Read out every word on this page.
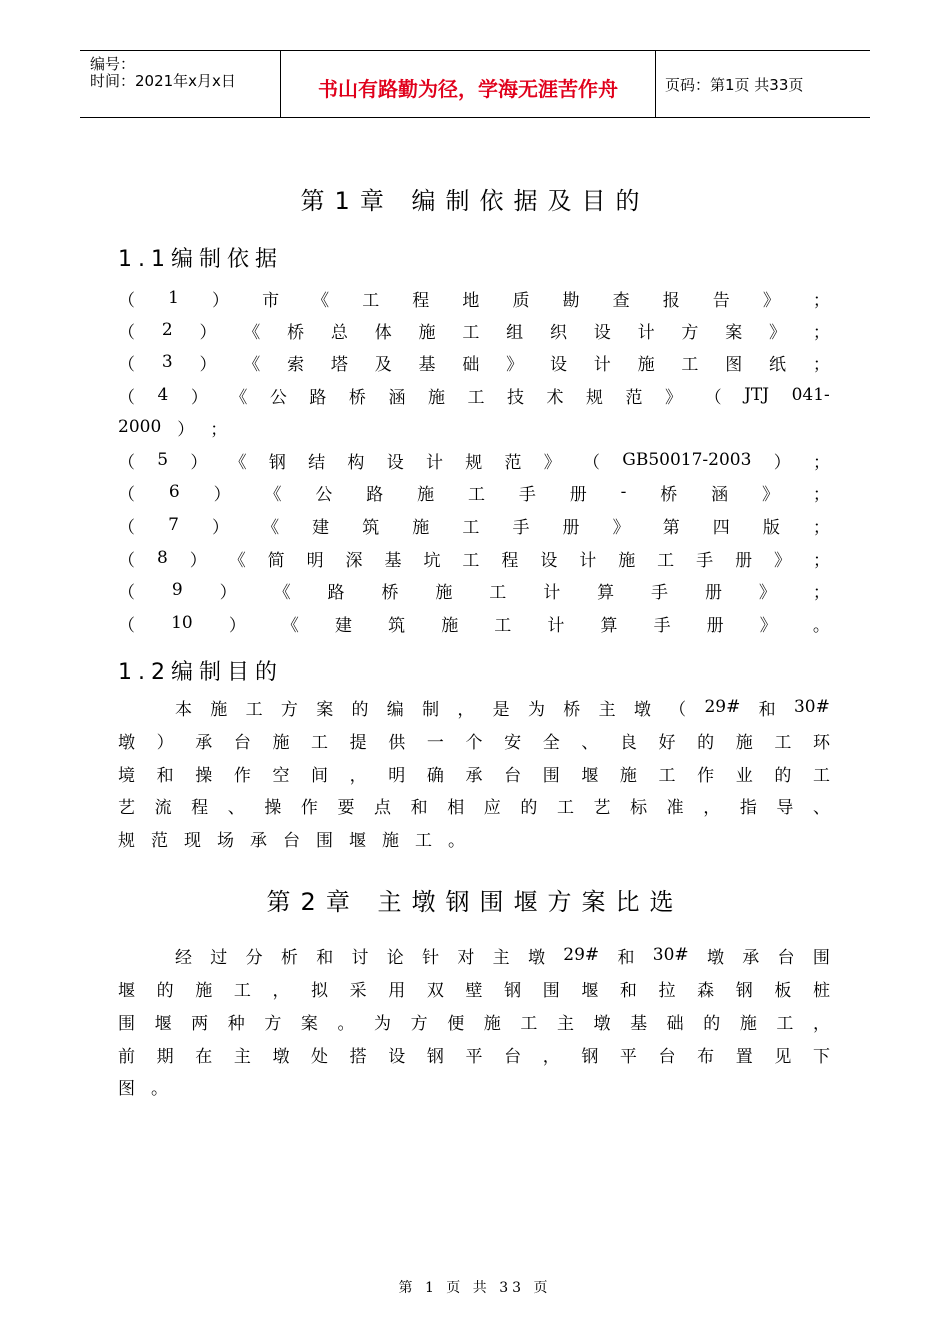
编号：
时间：2021年x月x日	书山有路勤为径，学海无涯苦作舟	页码：第1页 共33页
第1章 编制依据及目的
1.1编制依据
（ 1 ） 市 《 工 程 地 质 勘 查 报 告 》 ；
（ 2 ） 《 桥 总 体 施 工 组 织 设 计 方 案 》 ；
（ 3 ） 《 索 塔 及 基 础 》 设 计 施 工 图 纸 ；
（ 4 ） 《 公 路 桥 涵 施 工 技 术 规 范 》 （ JTJ 041-
2000 ） ；
（ 5 ） 《 钢 结 构 设 计 规 范 》 （ GB50017-2003 ） ；
（ 6 ） 《 公 路 施 工 手 册 - 桥 涵 》 ；
（ 7 ） 《 建 筑 施 工 手 册 》 第 四 版 ；
（ 8 ） 《 简 明 深 基 坑 工 程 设 计 施 工 手 册 》 ；
（ 9 ） 《 路 桥 施 工 计 算 手 册 》 ；
（ 10 ） 《 建 筑 施 工 计 算 手 册 》 。
1.2编制目的
本 施 工 方 案 的 编 制 ， 是 为 桥 主 墩 （ 29# 和 30#
墩 ） 承 台 施 工 提 供 一 个 安 全 、 良 好 的 施 工 环
境 和 操 作 空 间 ， 明 确 承 台 围 堰 施 工 作 业 的 工
艺 流 程 、 操 作 要 点 和 相 应 的 工 艺 标 准 ， 指 导 、
规 范 现 场 承 台 围 堰 施 工 。
第2章 主墩钢围堰方案比选
经 过 分 析 和 讨 论 针 对 主 墩 29# 和 30# 墩 承 台 围
堰 的 施 工 ， 拟 采 用 双 壁 钢 围 堰 和 拉 森 钢 板 桩
围 堰 两 种 方 案 。 为 方 便 施 工 主 墩 基 础 的 施 工 ，
前 期 在 主 墩 处 搭 设 钢 平 台 ， 钢 平 台 布 置 见 下
图 。
第 1 页 共 33 页
